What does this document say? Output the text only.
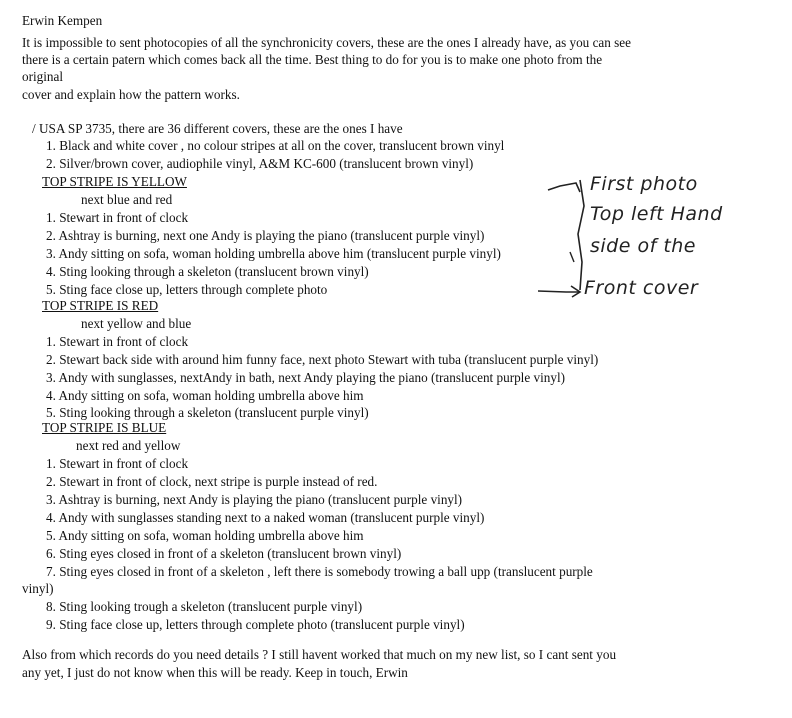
Erwin Kempen
It is impossible to sent photocopies of all the synchronicity covers, these are the ones I already have, as you can see
there is a certain patern which comes back all the time. Best thing to do for you is to make one photo from the
original
cover and explain how the pattern works.
/ USA SP 3735, there are 36 different covers, these are the ones I have
1. Black and white cover , no colour stripes at all on the cover, translucent brown vinyl
2. Silver/brown cover, audiophile vinyl, A&M KC-600 (translucent brown vinyl)
TOP STRIPE IS YELLOW
next blue and red
1. Stewart in front of clock
2. Ashtray is burning, next one Andy is playing the piano (translucent purple vinyl)
3. Andy sitting on sofa, woman holding umbrella above him (translucent purple vinyl)
4. Sting looking through a skeleton (translucent brown vinyl)
5. Sting face close up, letters through complete photo
TOP STRIPE IS RED
next yellow and blue
1. Stewart in front of clock
2. Stewart back side with around him funny face, next photo Stewart with tuba (translucent purple vinyl)
3. Andy with sunglasses, nextAndy in bath, next Andy playing the piano (translucent purple vinyl)
4. Andy sitting on sofa, woman holding umbrella above him
5. Sting looking through a skeleton (translucent purple vinyl)
TOP STRIPE IS BLUE
next red and yellow
1. Stewart in front of clock
2. Stewart in front of clock, next stripe is purple instead of red.
3. Ashtray is burning, next Andy is playing the piano (translucent purple vinyl)
4. Andy with sunglasses standing next to a naked woman (translucent purple vinyl)
5. Andy sitting on sofa, woman holding umbrella above him
6. Sting eyes closed in front of a skeleton (translucent brown vinyl)
7. Sting eyes closed in front of a skeleton , left there is somebody trowing a ball upp (translucent purple
vinyl)
8. Sting looking trough a skeleton (translucent purple vinyl)
9. Sting face close up, letters through complete photo (translucent purple vinyl)
Also from which records do you need details ? I still havent worked that much on my new list, so I cant sent you
any yet, I just do not know when this will be ready. Keep in touch, Erwin
First photo
Top left Hand
side of the
Front cover
